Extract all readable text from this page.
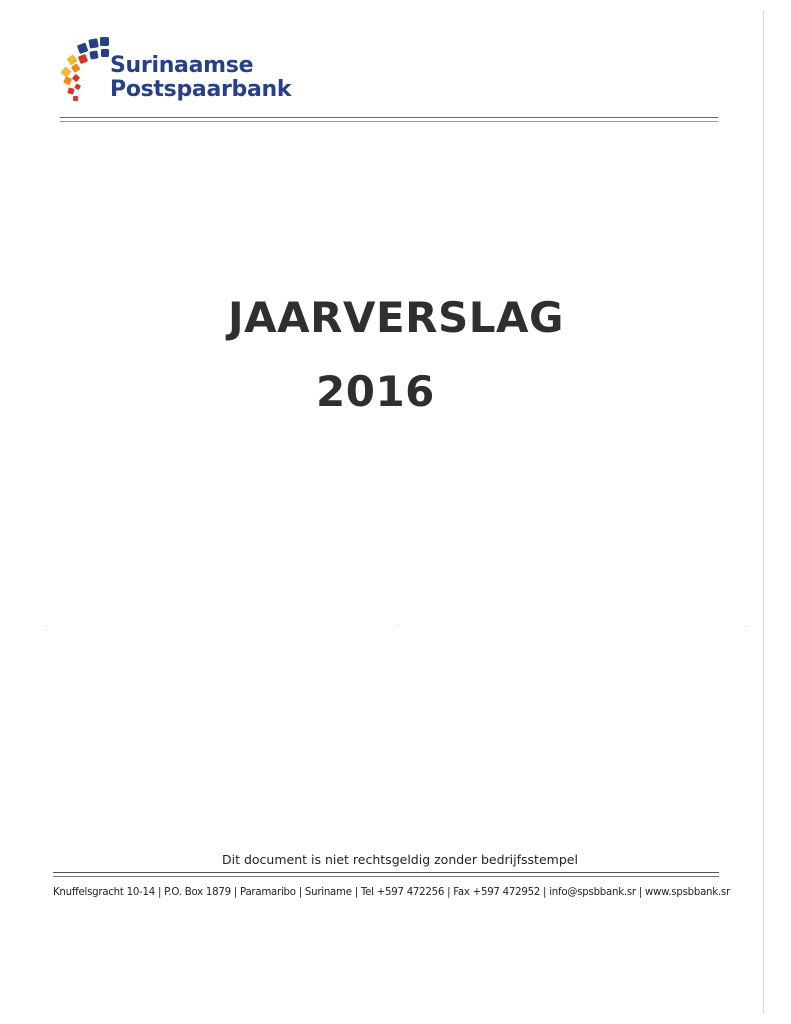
Surinaamse
Postspaarbank
JAARVERSLAG
2016
Dit document is niet rechtsgeldig zonder bedrijfsstempel
Knuffelsgracht 10-14 | P.O. Box 1879 | Paramaribo | Suriname | Tel +597 472256 | Fax +597 472952 | info@spsbbank.sr | www.spsbbank.sr
